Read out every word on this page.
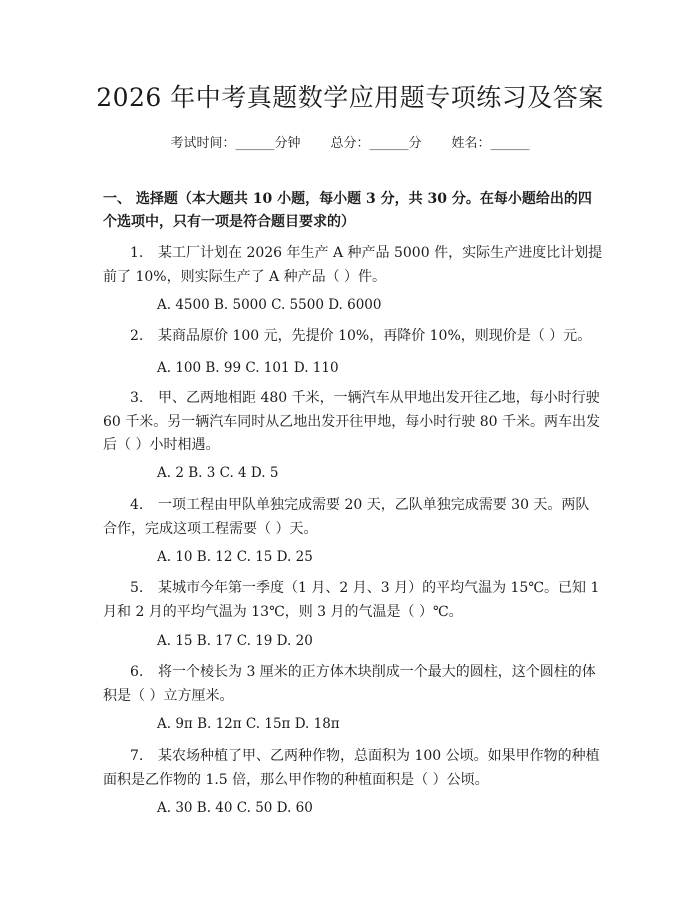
2026 年中考真题数学应用题专项练习及答案
考试时间：______分钟 总分：______分 姓名：______
一、 选择题（本大题共 10 小题，每小题 3 分，共 30 分。在每小题给出的四个选项中，只有一项是符合题目要求的）
1. 某工厂计划在 2026 年生产 A 种产品 5000 件，实际生产进度比计划提前了 10%，则实际生产了 A 种产品（ ）件。
A. 4500 B. 5000 C. 5500 D. 6000
2. 某商品原价 100 元，先提价 10%，再降价 10%，则现价是（ ）元。
A. 100 B. 99 C. 101 D. 110
3. 甲、乙两地相距 480 千米，一辆汽车从甲地出发开往乙地，每小时行驶 60 千米。另一辆汽车同时从乙地出发开往甲地，每小时行驶 80 千米。两车出发后（ ）小时相遇。
A. 2 B. 3 C. 4 D. 5
4. 一项工程由甲队单独完成需要 20 天，乙队单独完成需要 30 天。两队合作，完成这项工程需要（ ）天。
A. 10 B. 12 C. 15 D. 25
5. 某城市今年第一季度（1 月、2 月、3 月）的平均气温为 15℃。已知 1 月和 2 月的平均气温为 13℃，则 3 月的气温是（ ）℃。
A. 15 B. 17 C. 19 D. 20
6. 将一个棱长为 3 厘米的正方体木块削成一个最大的圆柱，这个圆柱的体积是（ ）立方厘米。
A. 9π B. 12π C. 15π D. 18π
7. 某农场种植了甲、乙两种作物，总面积为 100 公顷。如果甲作物的种植面积是乙作物的 1.5 倍，那么甲作物的种植面积是（ ）公顷。
A. 30 B. 40 C. 50 D. 60
